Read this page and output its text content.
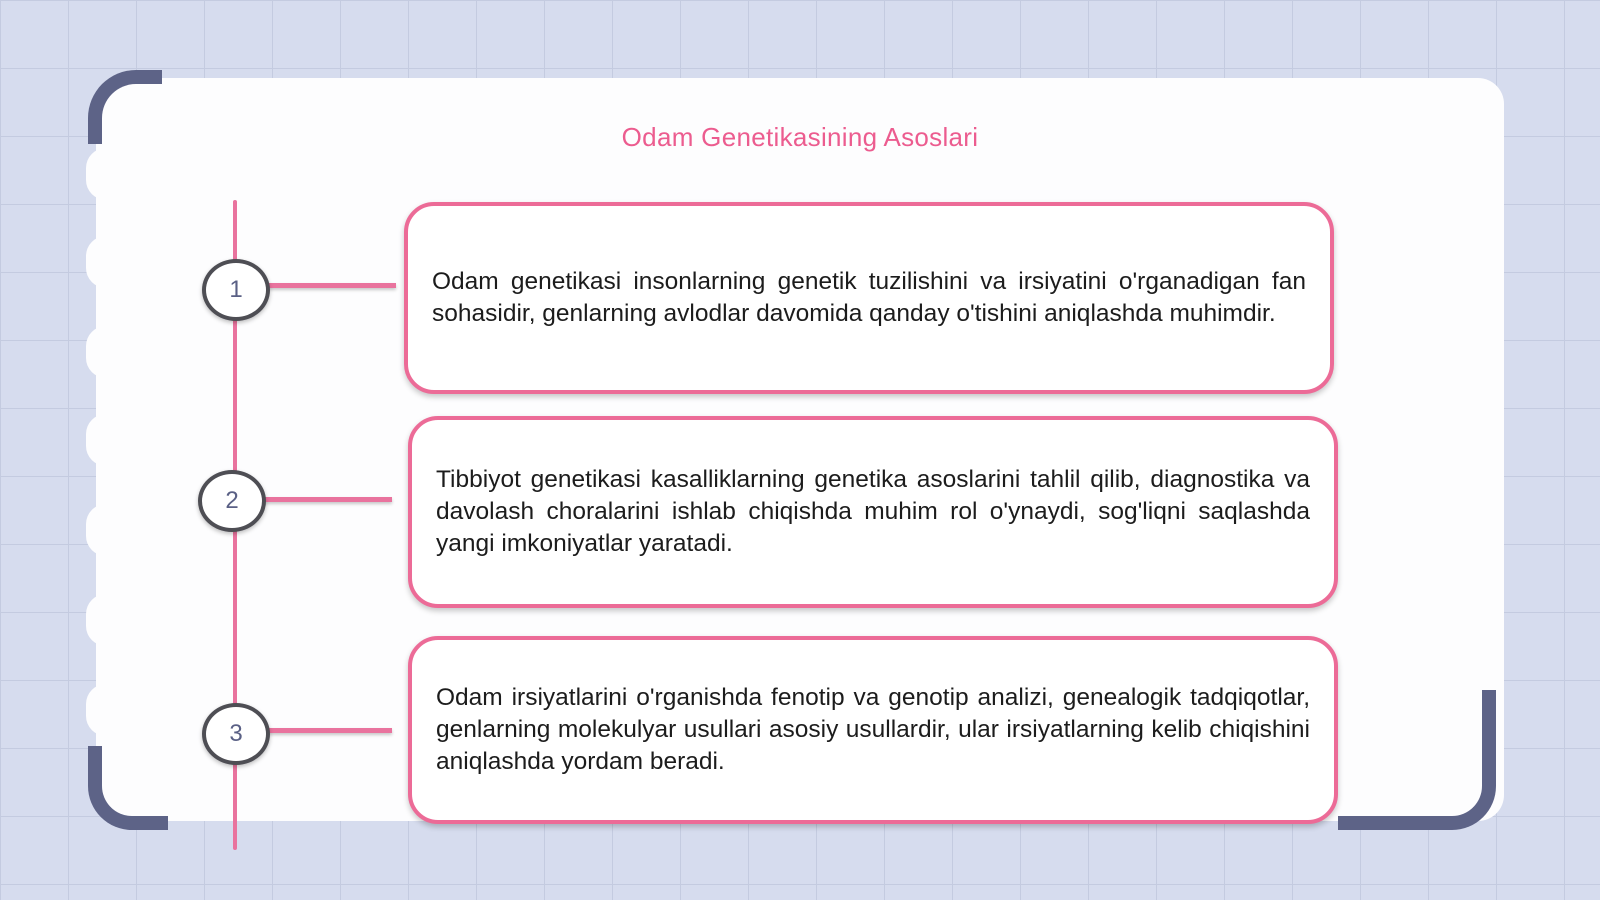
Odam Genetikasining Asoslari
1	Odam genetikasi insonlarning genetik tuzilishini va irsiyatini o'rganadigan fan sohasidir, genlarning avlodlar davomida qanday o'tishini aniqlashda muhimdir.

2

Tibbiyot genetikasi kasalliklarning genetika asoslarini tahlil qilib, diagnostika va davolash choralarini ishlab chiqishda muhim rol o'ynaydi, sog'liqni saqlashda yangi imkoniyatlar yaratadi.

3

Odam irsiyatlarini o'rganishda fenotip va genotip analizi, genealogik tadqiqotlar, genlarning molekulyar usullari asosiy usullardir, ular irsiyatlarning kelib chiqishini aniqlashda yordam beradi.
